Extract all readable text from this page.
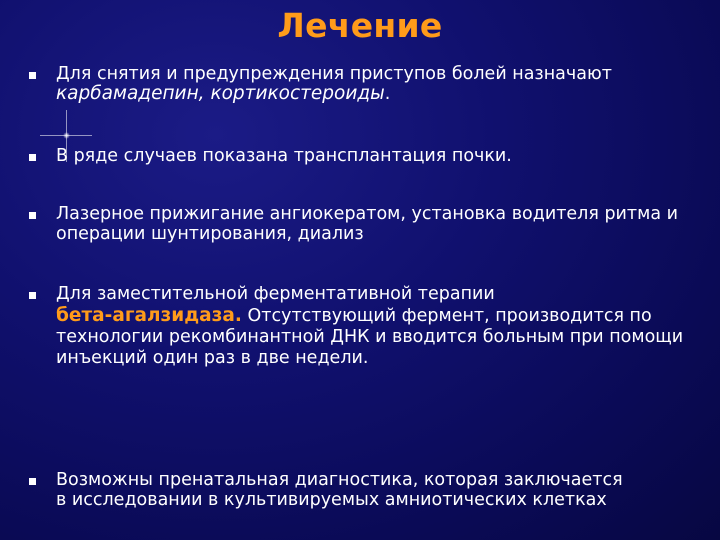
Лечение
Для снятия и предупреждения приступов болей назначают
карбамадепин, кортикостероиды.
В ряде случаев показана трансплантация почки.
Лазерное прижигание ангиокератом, установка водителя ритма и операции шунтирования, диализ
Для заместительной ферментативной терапии
бета-агалзидаза. Отсутствующий фермент, производится по технологии рекомбинантной ДНК и вводится больным при помощи инъекций один раз в две недели.
Возможны пренатальная диагностика, которая заключается в исследовании в культивируемых амниотических клетках
